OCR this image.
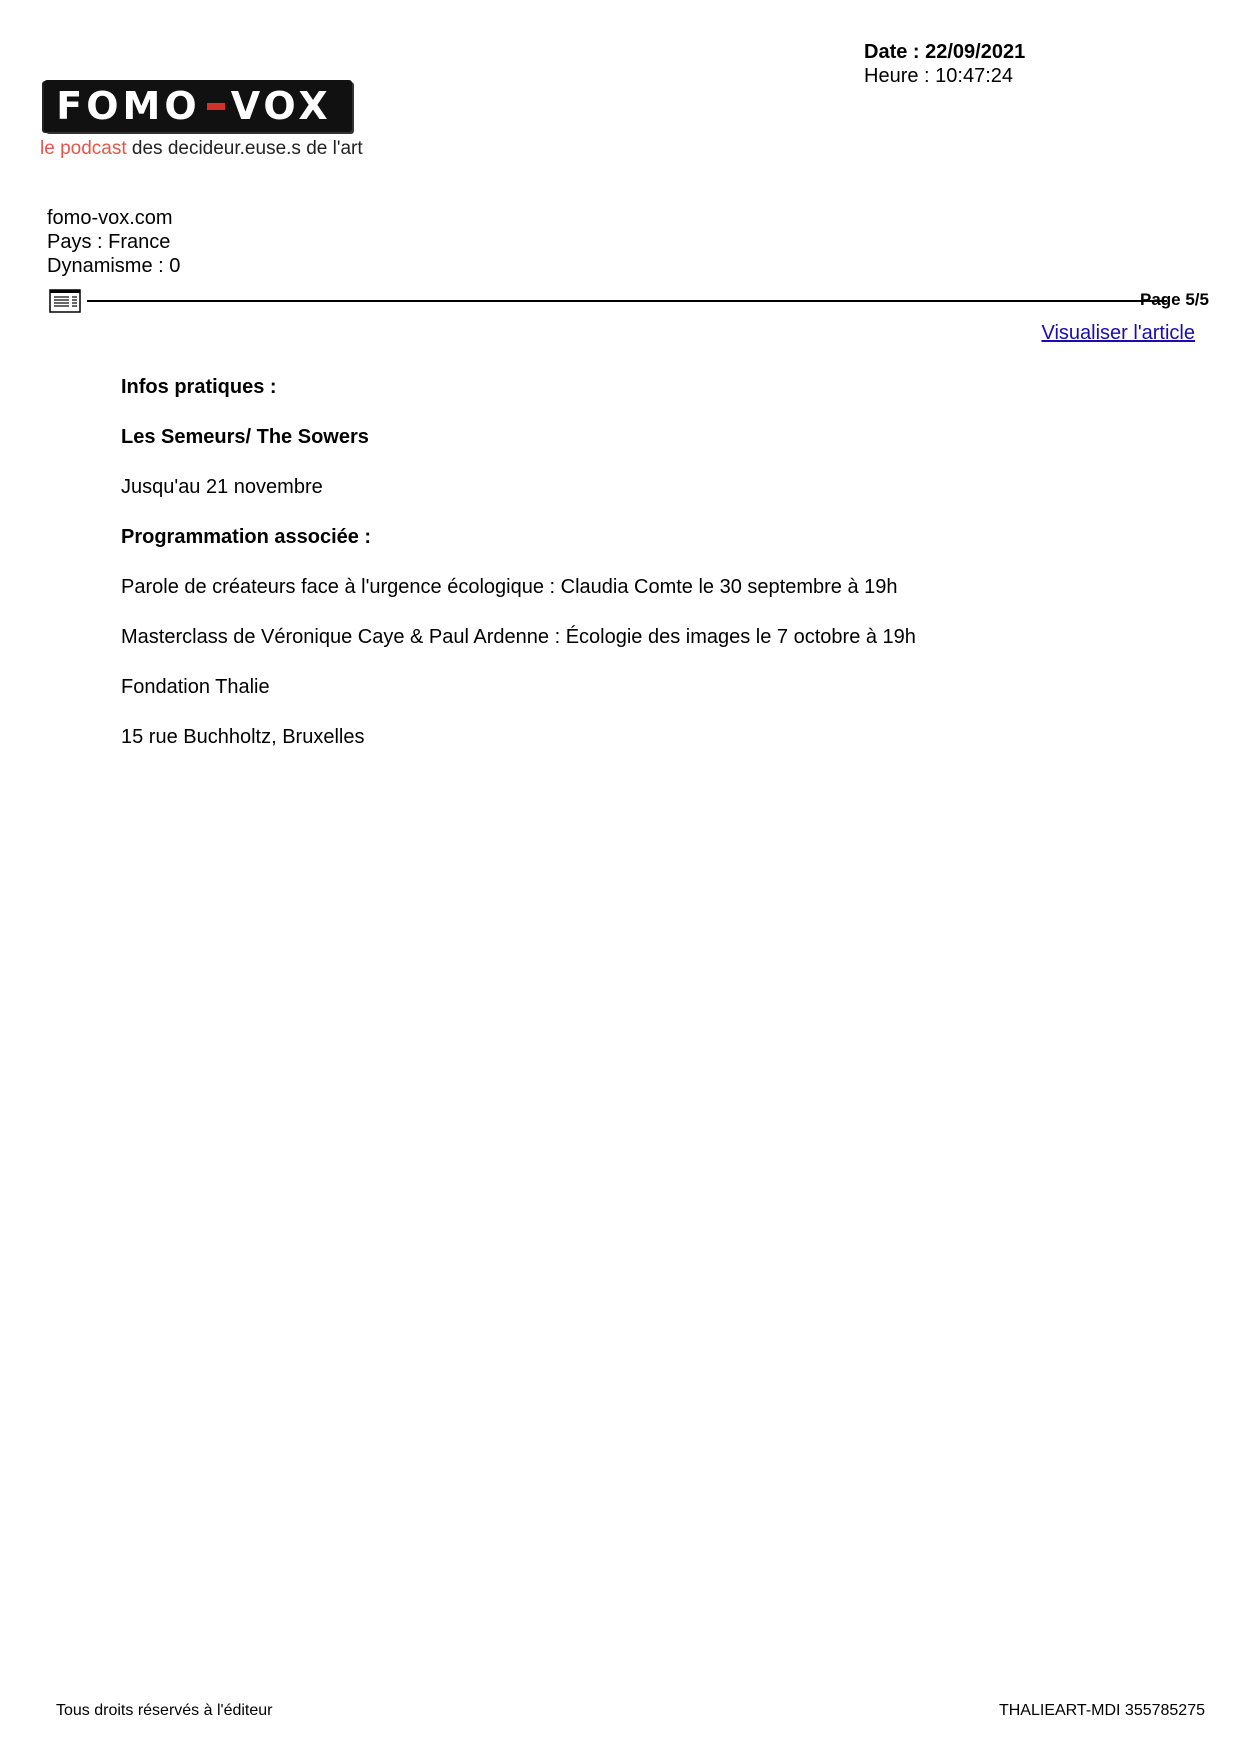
FOMO VOX
le podcast des decideur.euse.s de l'art
Date : 22/09/2021
Heure : 10:47:24
fomo-vox.com
Pays : France
Dynamisme : 0
Page 5/5
Visualiser l'article

Infos pratiques :

Les Semeurs/ The Sowers

Jusqu'au 21 novembre

Programmation associée :

Parole de créateurs face à l'urgence écologique : Claudia Comte le 30 septembre à 19h

Masterclass de Véronique Caye & Paul Ardenne : Écologie des images le 7 octobre à 19h

Fondation Thalie

15 rue Buchholtz, Bruxelles

Tous droits réservés à l'éditeur	THALIEART-MDI 355785275
